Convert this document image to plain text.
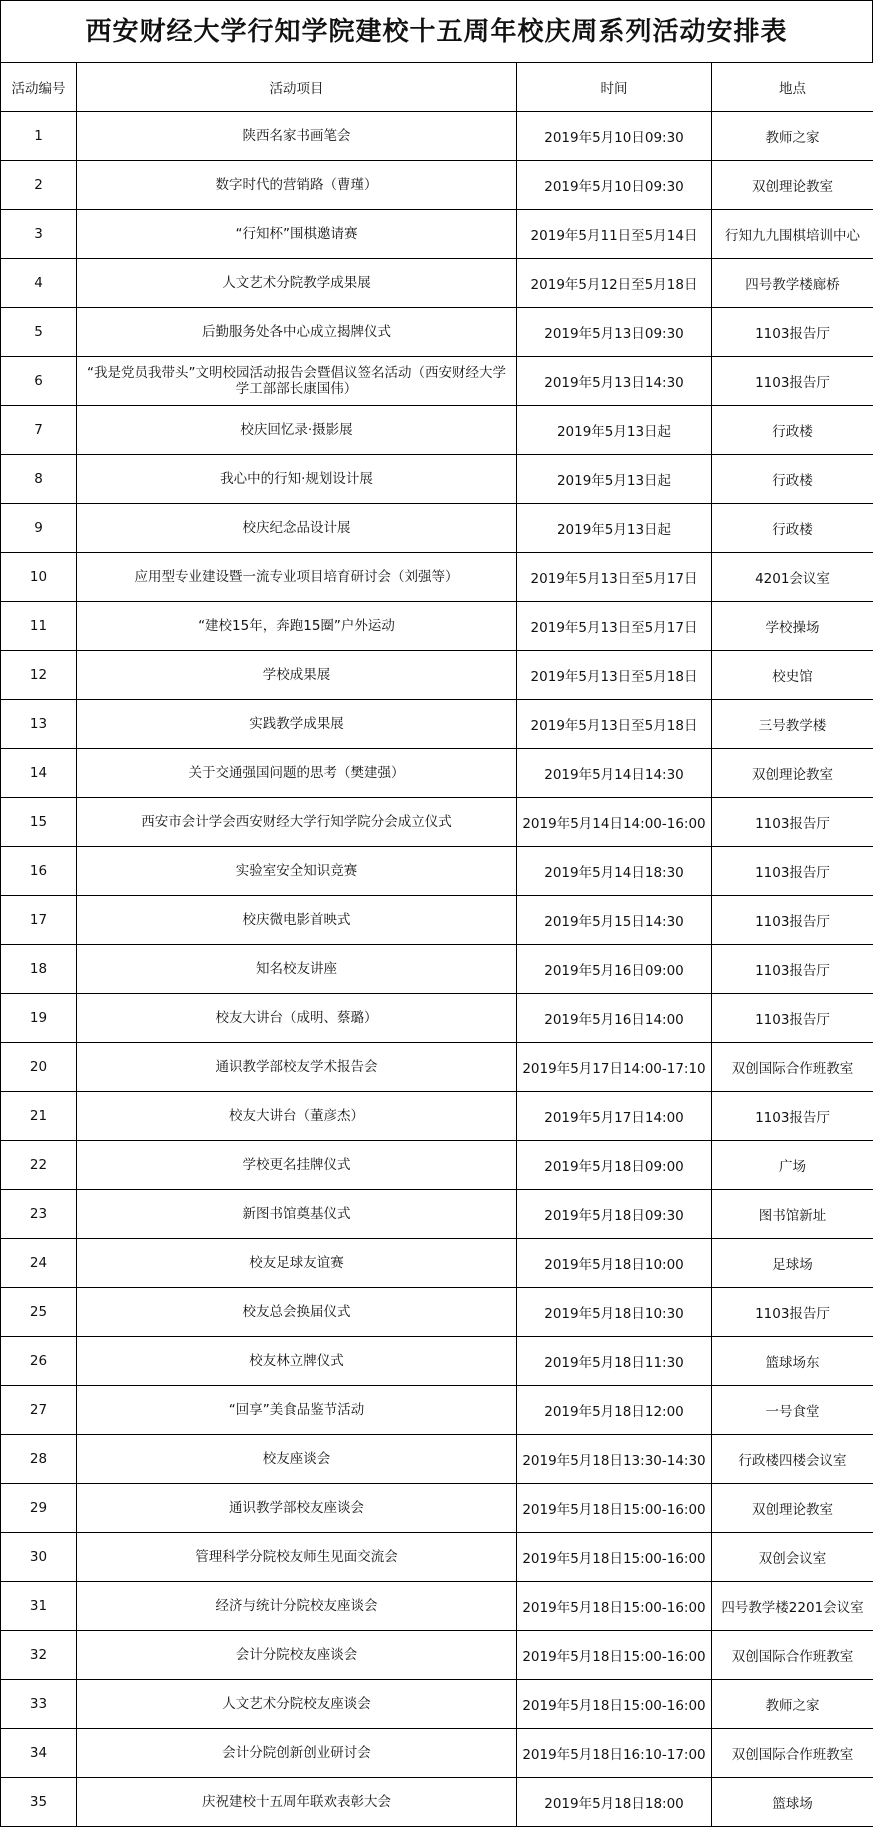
西安财经大学行知学院建校十五周年校庆周系列活动安排表
活动编号	活动项目	时间	地点
1	陕西名家书画笔会	2019年5月10日09:30	教师之家
2	数字时代的营销路（曹瑾）	2019年5月10日09:30	双创理论教室
3	“行知杯”围棋邀请赛	2019年5月11日至5月14日	行知九九围棋培训中心
4	人文艺术分院教学成果展	2019年5月12日至5月18日	四号教学楼廊桥
5	后勤服务处各中心成立揭牌仪式	2019年5月13日09:30	1103报告厅
6	“我是党员我带头”文明校园活动报告会暨倡议签名活动（西安财经大学学工部部长康国伟）	2019年5月13日14:30	1103报告厅
7	校庆回忆录·摄影展	2019年5月13日起	行政楼
8	我心中的行知·规划设计展	2019年5月13日起	行政楼
9	校庆纪念品设计展	2019年5月13日起	行政楼
10	应用型专业建设暨一流专业项目培育研讨会（刘强等）	2019年5月13日至5月17日	4201会议室
11	“建校15年，奔跑15圈”户外运动	2019年5月13日至5月17日	学校操场
12	学校成果展	2019年5月13日至5月18日	校史馆
13	实践教学成果展	2019年5月13日至5月18日	三号教学楼
14	关于交通强国问题的思考（樊建强）	2019年5月14日14:30	双创理论教室
15	西安市会计学会西安财经大学行知学院分会成立仪式	2019年5月14日14:00-16:00	1103报告厅
16	实验室安全知识竞赛	2019年5月14日18:30	1103报告厅
17	校庆微电影首映式	2019年5月15日14:30	1103报告厅
18	知名校友讲座	2019年5月16日09:00	1103报告厅
19	校友大讲台（成明、蔡璐）	2019年5月16日14:00	1103报告厅
20	通识教学部校友学术报告会	2019年5月17日14:00-17:10	双创国际合作班教室
21	校友大讲台（董彦杰）	2019年5月17日14:00	1103报告厅
22	学校更名挂牌仪式	2019年5月18日09:00	广场
23	新图书馆奠基仪式	2019年5月18日09:30	图书馆新址
24	校友足球友谊赛	2019年5月18日10:00	足球场
25	校友总会换届仪式	2019年5月18日10:30	1103报告厅
26	校友林立牌仪式	2019年5月18日11:30	篮球场东
27	“回享”美食品鉴节活动	2019年5月18日12:00	一号食堂
28	校友座谈会	2019年5月18日13:30-14:30	行政楼四楼会议室
29	通识教学部校友座谈会	2019年5月18日15:00-16:00	双创理论教室
30	管理科学分院校友师生见面交流会	2019年5月18日15:00-16:00	双创会议室
31	经济与统计分院校友座谈会	2019年5月18日15:00-16:00	四号教学楼2201会议室
32	会计分院校友座谈会	2019年5月18日15:00-16:00	双创国际合作班教室
33	人文艺术分院校友座谈会	2019年5月18日15:00-16:00	教师之家
34	会计分院创新创业研讨会	2019年5月18日16:10-17:00	双创国际合作班教室
35	庆祝建校十五周年联欢表彰大会	2019年5月18日18:00	篮球场
